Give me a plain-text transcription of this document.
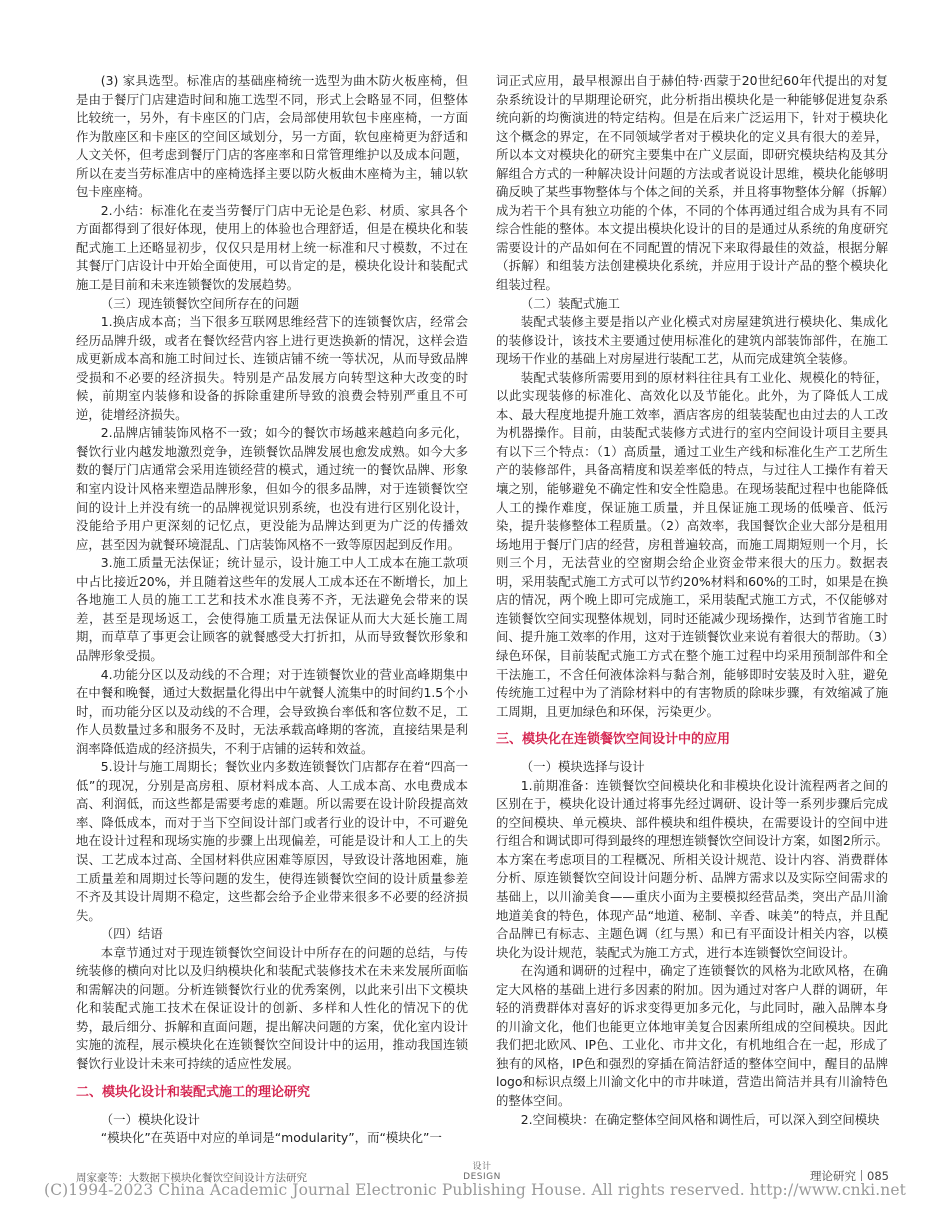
(3) 家具选型。标准店的基础座椅统一选型为曲木防火板座椅，但是由于餐厅门店建造时间和施工选型不同，形式上会略显不同，但整体比较统一，另外，有卡座区的门店，会局部使用软包卡座座椅，一方面作为散座区和卡座区的空间区域划分，另一方面，软包座椅更为舒适和人文关怀，但考虑到餐厅门店的客座率和日常管理维护以及成本问题，所以在麦当劳标准店中的座椅选择主要以防火板曲木座椅为主，辅以软包卡座座椅。

2.小结：标准化在麦当劳餐厅门店中无论是色彩、材质、家具各个方面都得到了很好体现，使用上的体验也合理舒适，但是在模块化和装配式施工上还略显初步，仅仅只是用材上统一标准和尺寸模数，不过在其餐厅门店设计中开始全面使用，可以肯定的是，模块化设计和装配式施工是目前和未来连锁餐饮的发展趋势。

（三）现连锁餐饮空间所存在的问题

1.换店成本高；当下很多互联网思维经营下的连锁餐饮店，经常会经历品牌升级，或者在餐饮经营内容上进行更迭换新的情况，这样会造成更新成本高和施工时间过长、连锁店铺不统一等状况，从而导致品牌受损和不必要的经济损失。特别是产品发展方向转型这种大改变的时候，前期室内装修和设备的拆除重建所导致的浪费会特别严重且不可逆，徒增经济损失。

2.品牌店铺装饰风格不一致；如今的餐饮市场越来越趋向多元化，餐饮行业内越发地激烈竞争，连锁餐饮品牌发展也愈发成熟。如今大多数的餐厅门店通常会采用连锁经营的模式，通过统一的餐饮品牌、形象和室内设计风格来塑造品牌形象，但如今的很多品牌，对于连锁餐饮空间的设计上并没有统一的品牌视觉识别系统，也没有进行区别化设计，没能给予用户更深刻的记忆点，更没能为品牌达到更为广泛的传播效应，甚至因为就餐环境混乱、门店装饰风格不一致等原因起到反作用。

3.施工质量无法保证；统计显示，设计施工中人工成本在施工款项中占比接近20%，并且随着这些年的发展人工成本还在不断增长，加上各地施工人员的施工工艺和技术水准良莠不齐，无法避免会带来的误差，甚至是现场返工，会使得施工质量无法保证从而大大延长施工周期，而草草了事更会让顾客的就餐感受大打折扣，从而导致餐饮形象和品牌形象受损。

4.功能分区以及动线的不合理；对于连锁餐饮业的营业高峰期集中在中餐和晚餐，通过大数据量化得出中午就餐人流集中的时间约1.5个小时，而功能分区以及动线的不合理，会导致换台率低和客位数不足，工作人员数量过多和服务不及时，无法承载高峰期的客流，直接结果是利润率降低造成的经济损失，不利于店铺的运转和效益。

5.设计与施工周期长；餐饮业内多数连锁餐饮门店都存在着“四高一低”的现况，分别是高房租、原材料成本高、人工成本高、水电费成本高、利润低，而这些都是需要考虑的难题。所以需要在设计阶段提高效率、降低成本，而对于当下空间设计部门或者行业的设计中，不可避免地在设计过程和现场实施的步骤上出现偏差，可能是设计和人工上的失误、工艺成本过高、全国材料供应困难等原因，导致设计落地困难，施工质量差和周期过长等问题的发生，使得连锁餐饮空间的设计质量参差不齐及其设计周期不稳定，这些都会给予企业带来很多不必要的经济损失。

（四）结语

本章节通过对于现连锁餐饮空间设计中所存在的问题的总结，与传统装修的横向对比以及归纳模块化和装配式装修技术在未来发展所面临和需解决的问题。分析连锁餐饮行业的优秀案例，以此来引出下文模块化和装配式施工技术在保证设计的创新、多样和人性化的情况下的优势，最后细分、拆解和直面问题，提出解决问题的方案，优化室内设计实施的流程，展示模块化在连锁餐饮空间设计中的运用，推动我国连锁餐饮行业设计未来可持续的适应性发展。

二、模块化设计和装配式施工的理论研究

（一）模块化设计

“模块化”在英语中对应的单词是“modularity”，而“模块化”一

词正式应用，最早根源出自于赫伯特·西蒙于20世纪60年代提出的对复杂系统设计的早期理论研究，此分析指出模块化是一种能够促进复杂系统向新的均衡演进的特定结构。但是在后来广泛运用下，针对于模块化这个概念的界定，在不同领域学者对于模块化的定义具有很大的差异，所以本文对模块化的研究主要集中在广义层面，即研究模块结构及其分解组合方式的一种解决设计问题的方法或者说设计思维，模块化能够明确反映了某些事物整体与个体之间的关系，并且将事物整体分解（拆解）成为若干个具有独立功能的个体，不同的个体再通过组合成为具有不同综合性能的整体。本文提出模块化设计的目的是通过从系统的角度研究需要设计的产品如何在不同配置的情况下来取得最佳的效益，根据分解（拆解）和组装方法创建模块化系统，并应用于设计产品的整个模块化组装过程。

（二）装配式施工

装配式装修主要是指以产业化模式对房屋建筑进行模块化、集成化的装修设计，该技术主要通过使用标准化的建筑内部装饰部件，在施工现场干作业的基础上对房屋进行装配工艺，从而完成建筑全装修。

装配式装修所需要用到的原材料往往具有工业化、规模化的特征，以此实现装修的标准化、高效化以及节能化。此外，为了降低人工成本、最大程度地提升施工效率，酒店客房的组装装配也由过去的人工改为机器操作。目前，由装配式装修方式进行的室内空间设计项目主要具有以下三个特点：（1）高质量，通过工业生产线和标准化生产工艺所生产的装修部件，具备高精度和误差率低的特点，与过往人工操作有着天壤之别，能够避免不确定性和安全性隐患。在现场装配过程中也能降低人工的操作难度，保证施工质量，并且保证施工现场的低噪音、低污染，提升装修整体工程质量。（2）高效率，我国餐饮企业大部分是租用场地用于餐厅门店的经营，房租普遍较高，而施工周期短则一个月，长则三个月，无法营业的空窗期会给企业资金带来很大的压力。数据表明，采用装配式施工方式可以节约20%材料和60%的工时，如果是在换店的情况，两个晚上即可完成施工，采用装配式施工方式，不仅能够对连锁餐饮空间实现整体规划，同时还能减少现场操作，达到节省施工时间、提升施工效率的作用，这对于连锁餐饮业来说有着很大的帮助。（3）绿色环保，目前装配式施工方式在整个施工过程中均采用预制部件和全干法施工，不含任何液体涂料与黏合剂，能够即时安装及时入驻，避免传统施工过程中为了消除材料中的有害物质的除味步骤，有效缩减了施工周期，且更加绿色和环保，污染更少。

三、模块化在连锁餐饮空间设计中的应用

（一）模块选择与设计

1.前期准备：连锁餐饮空间模块化和非模块化设计流程两者之间的区别在于，模块化设计通过将事先经过调研、设计等一系列步骤后完成的空间模块、单元模块、部件模块和组件模块，在需要设计的空间中进行组合和调试即可得到最终的理想连锁餐饮空间设计方案，如图2所示。本方案在考虑项目的工程概况、所相关设计规范、设计内容、消费群体分析、原连锁餐饮空间设计问题分析、品牌方需求以及实际空间需求的基础上，以川渝美食——重庆小面为主要模拟经营品类，突出产品川渝地道美食的特色，体现产品“地道、秘制、辛香、味美”的特点，并且配合品牌已有标志、主题色调（红与黑）和已有平面设计相关内容，以模块化为设计规范，装配式为施工方式，进行本连锁餐饮空间设计。

在沟通和调研的过程中，确定了连锁餐饮的风格为北欧风格，在确定大风格的基础上进行多因素的附加。因为通过对客户人群的调研，年轻的消费群体对喜好的诉求变得更加多元化，与此同时，融入品牌本身的川渝文化，他们也能更立体地审美复合因素所组成的空间模块。因此我们把北欧风、IP色、工业化、市井文化，有机地组合在一起，形成了独有的风格，IP色和强烈的穿插在简洁舒适的整体空间中，醒目的品牌logo和标识点缀上川渝文化中的市井味道，营造出简洁并具有川渝特色的整体空间。

2.空间模块：在确定整体空间风格和调性后，可以深入到空间模块

周家豪等：大数据下模块化餐饮空间设计方法研究
设计
DESIGN	理论研究 085
(C)1994-2023 China Academic Journal Electronic Publishing House. All rights reserved. http://www.cnki.net
